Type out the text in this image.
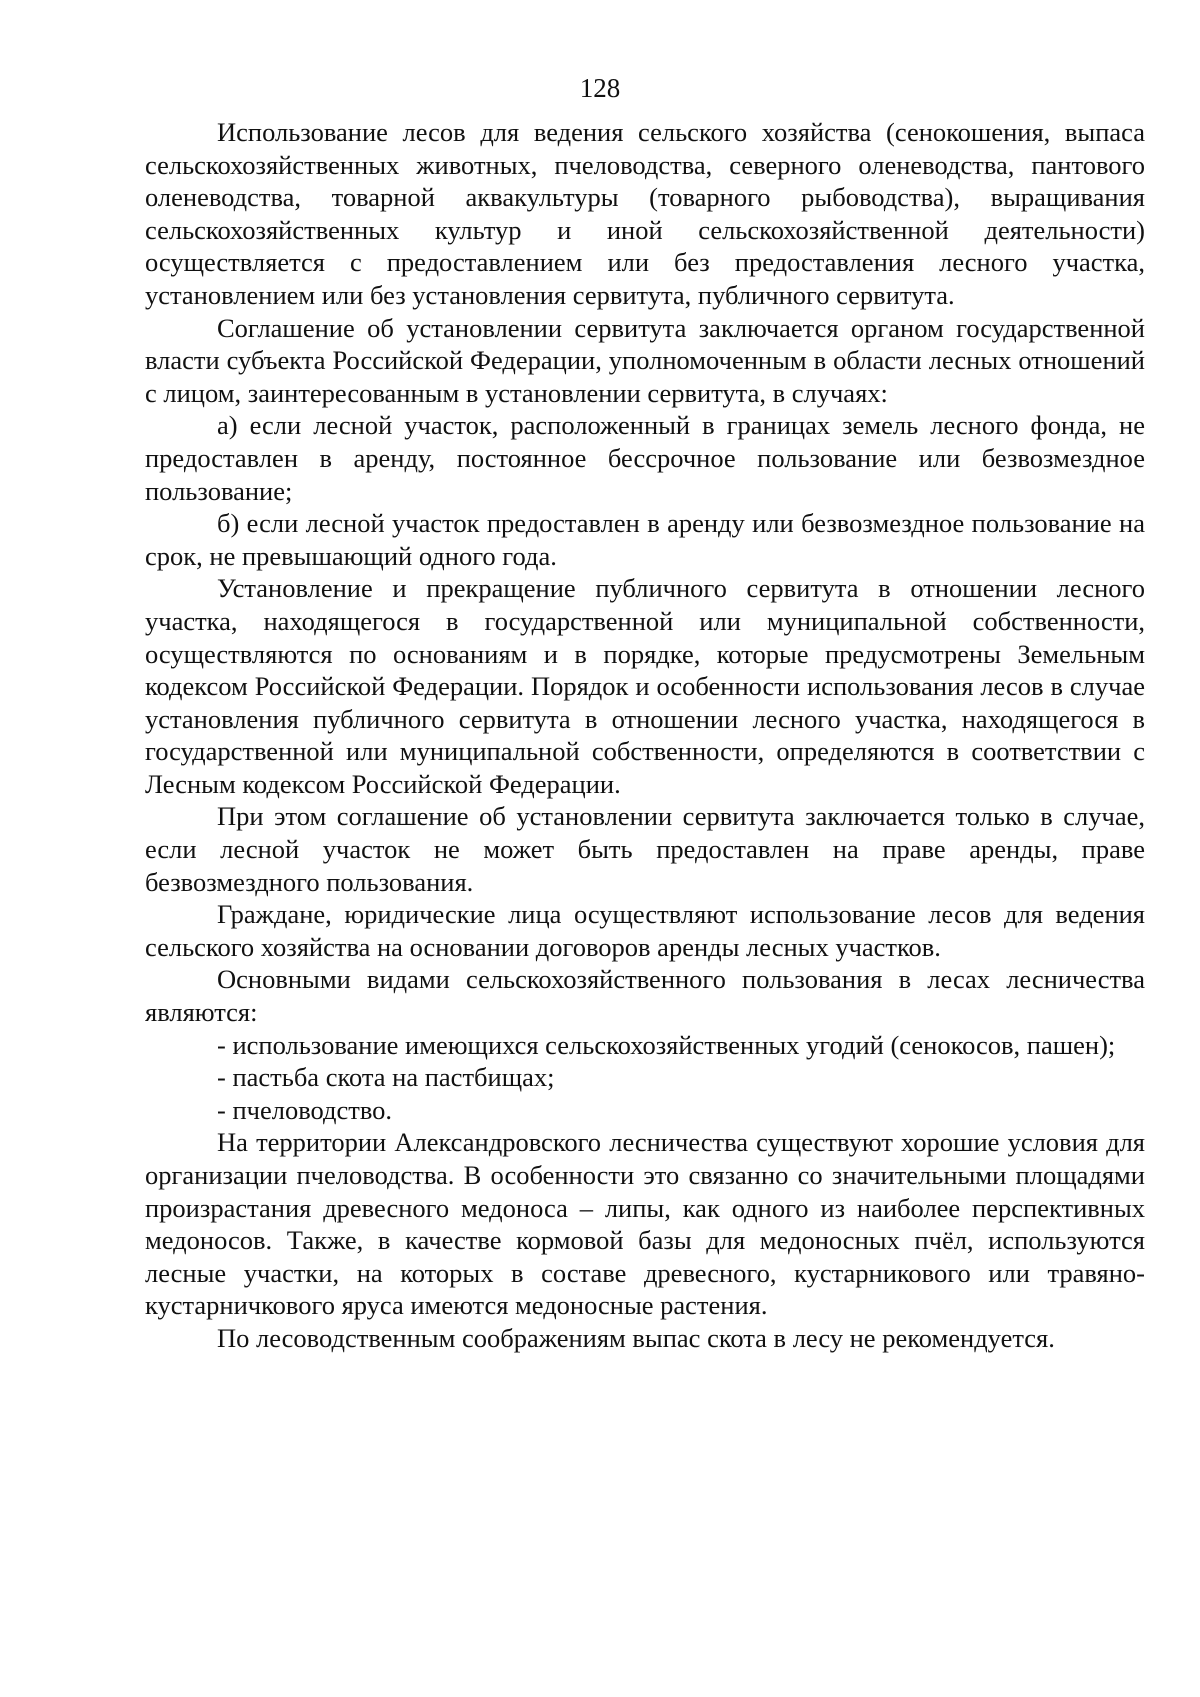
128

Использование лесов для ведения сельского хозяйства (сенокошения, выпаса сельскохозяйственных животных, пчеловодства, северного оленеводства, пантового оленеводства, товарной аквакультуры (товарного рыбоводства), выращивания сельскохозяйственных культур и иной сельскохозяйственной деятельности) осуществляется с предоставлением или без предоставления лесного участка, установлением или без установления сервитута, публичного сервитута.

Соглашение об установлении сервитута заключается органом государственной власти субъекта Российской Федерации, уполномоченным в области лесных отношений с лицом, заинтересованным в установлении сервитута, в случаях:

а) если лесной участок, расположенный в границах земель лесного фонда, не предоставлен в аренду, постоянное бессрочное пользование или безвозмездное пользование;

б) если лесной участок предоставлен в аренду или безвозмездное пользование на срок, не превышающий одного года.

Установление и прекращение публичного сервитута в отношении лесного участка, находящегося в государственной или муниципальной собственности, осуществляются по основаниям и в порядке, которые предусмотрены Земельным кодексом Российской Федерации. Порядок и особенности использования лесов в случае установления публичного сервитута в отношении лесного участка, находящегося в государственной или муниципальной собственности, определяются в соответствии с Лесным кодексом Российской Федерации.

При этом соглашение об установлении сервитута заключается только в случае, если лесной участок не может быть предоставлен на праве аренды, праве безвозмездного пользования.

Граждане, юридические лица осуществляют использование лесов для ведения сельского хозяйства на основании договоров аренды лесных участков.

Основными видами сельскохозяйственного пользования в лесах лесничества являются:

- использование имеющихся сельскохозяйственных угодий (сенокосов, пашен);

- пастьба скота на пастбищах;

- пчеловодство.

На территории Александровского лесничества существуют хорошие условия для организации пчеловодства. В особенности это связанно со значительными площадями произрастания древесного медоноса – липы, как одного из наиболее перспективных медоносов. Также, в качестве кормовой базы для медоносных пчёл, используются лесные участки, на которых в составе древесного, кустарникового или травяно-кустарничкового яруса имеются медоносные растения.

По лесоводственным соображениям выпас скота в лесу не рекомендуется.
